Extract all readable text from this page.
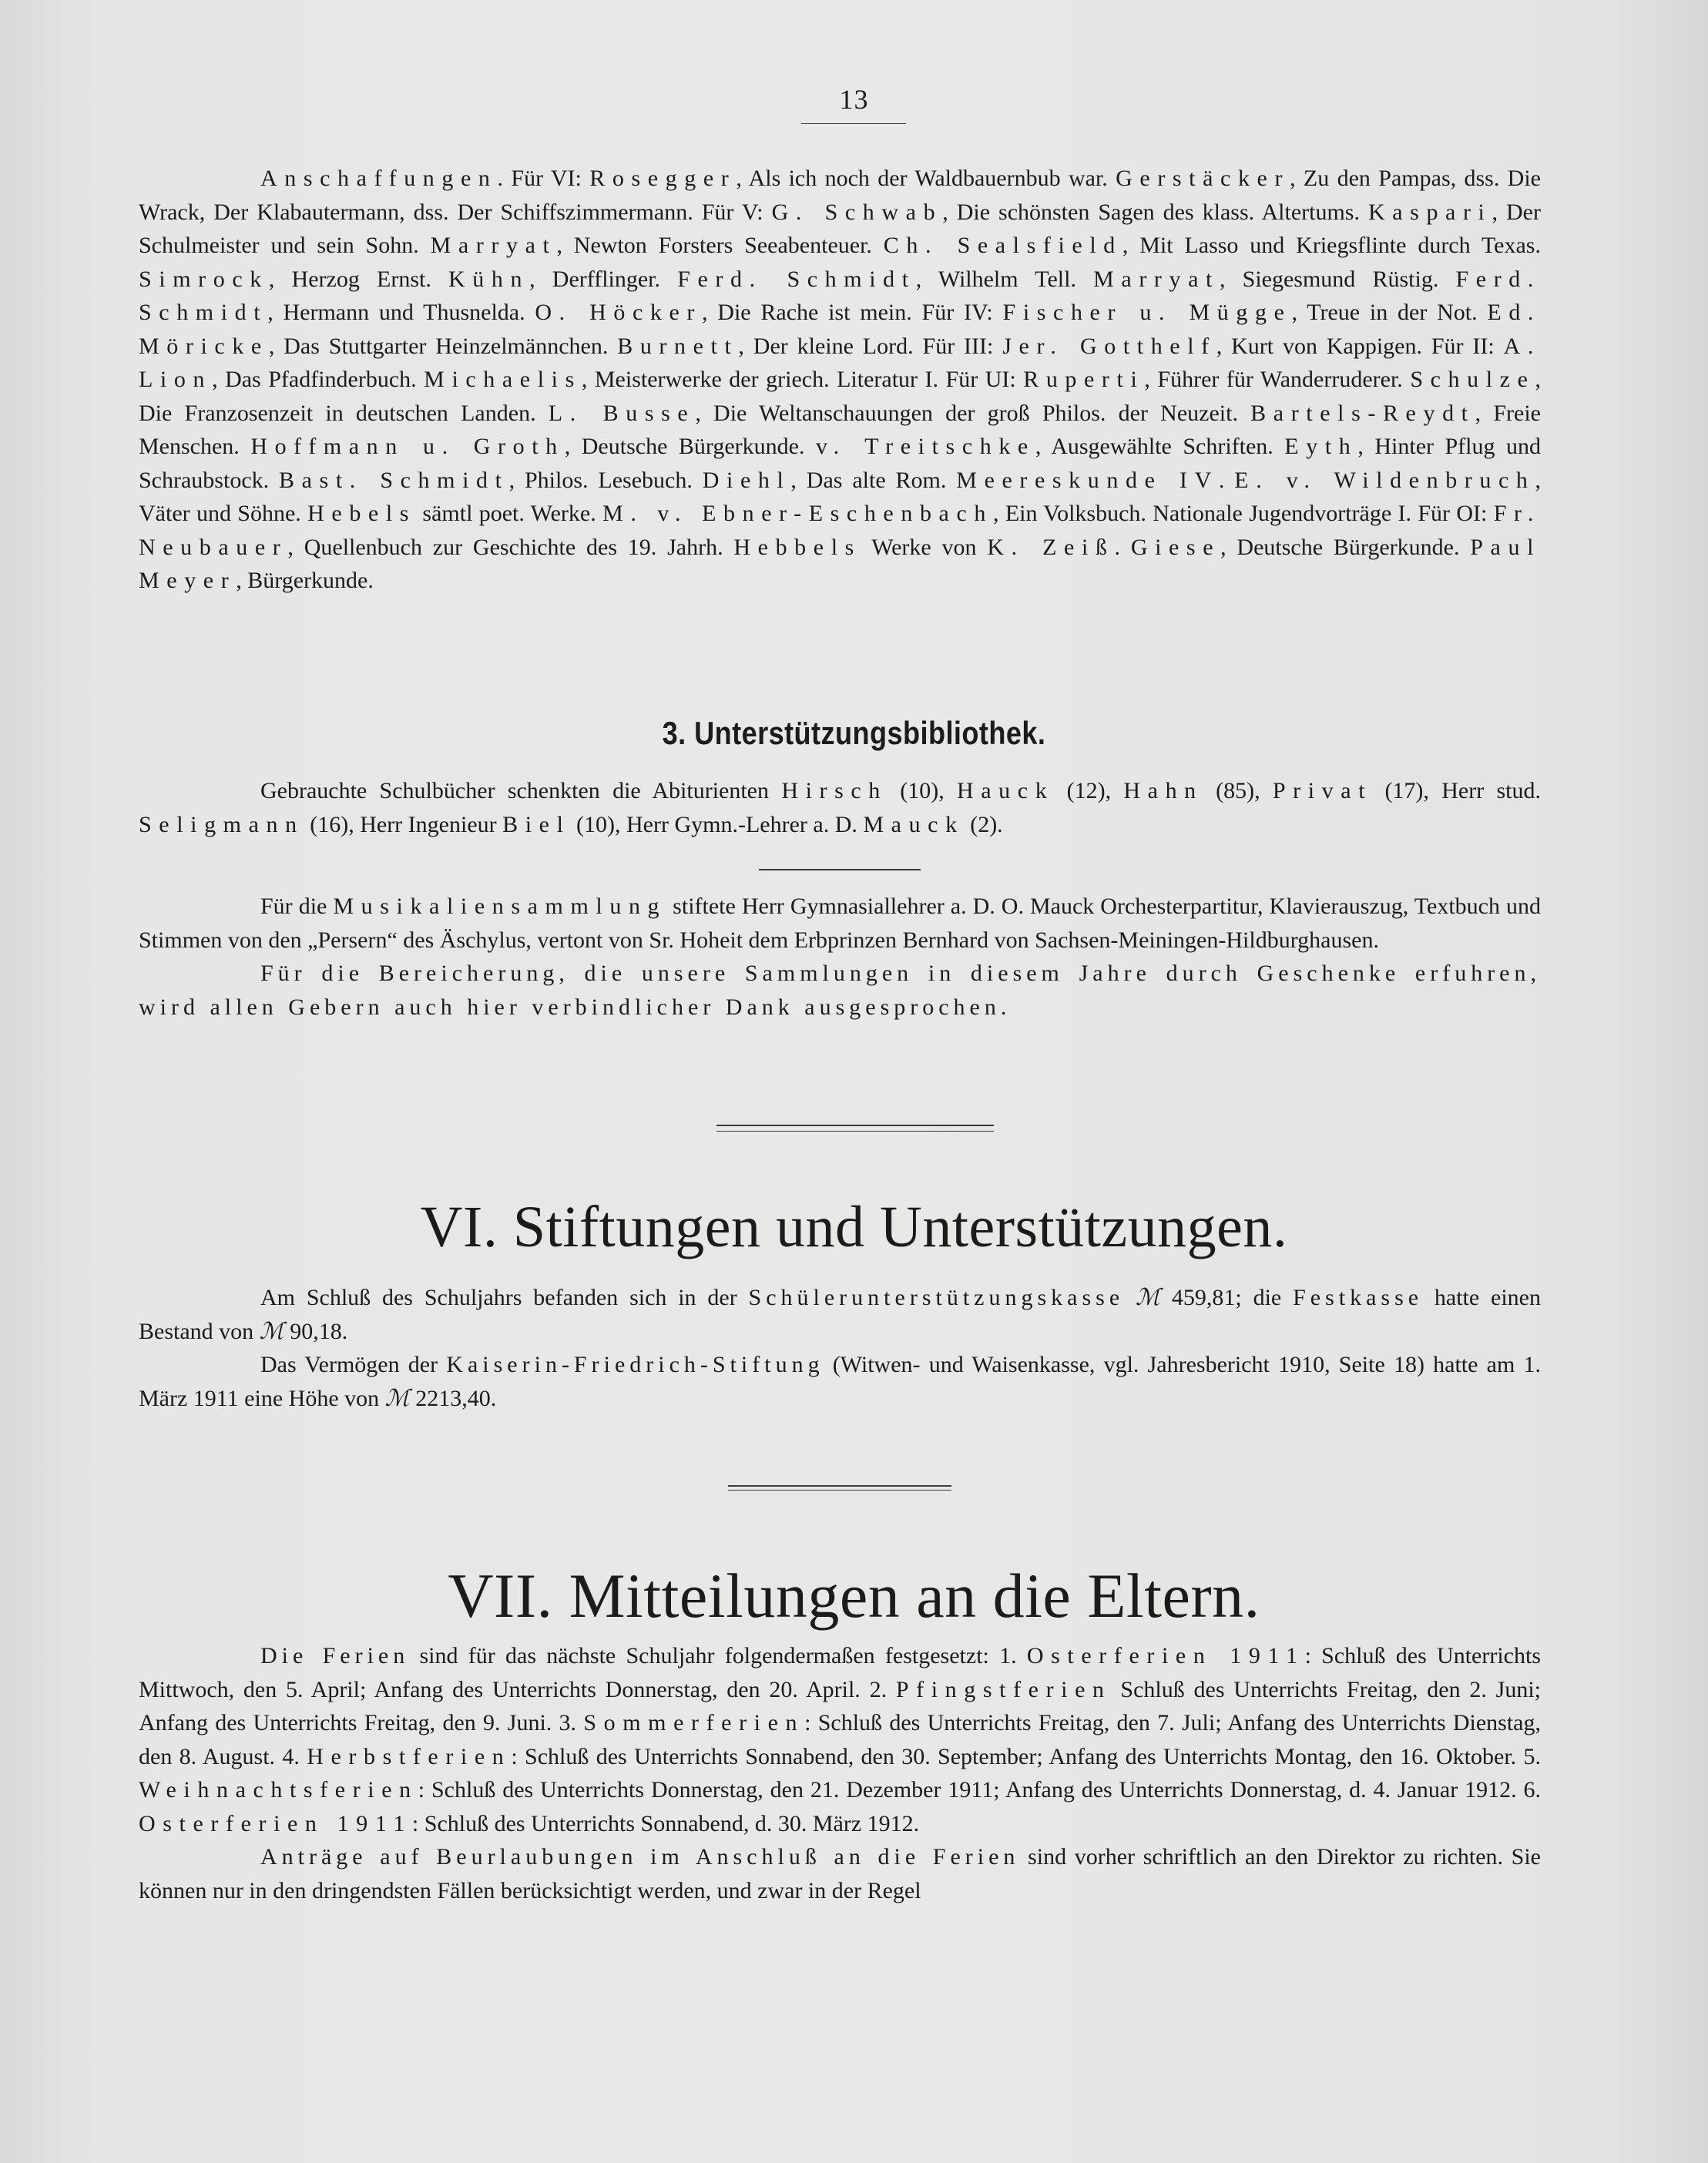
13

Anschaffungen. Für VI: Rosegger, Als ich noch der Waldbauernbub war. Gerstäcker, Zu den Pampas, dss. Die Wrack, Der Klabautermann, dss. Der Schiffszimmermann. Für V: G. Schwab, Die schönsten Sagen des klass. Altertums. Kaspari, Der Schulmeister und sein Sohn. Marryat, Newton Forsters Seeabenteuer. Ch. Sealsfield, Mit Lasso und Kriegsflinte durch Texas. Simrock, Herzog Ernst. Kühn, Derfflinger. Ferd. Schmidt, Wilhelm Tell. Marryat, Siegesmund Rüstig. Ferd. Schmidt, Hermann und Thusnelda. O. Höcker, Die Rache ist mein. Für IV: Fischer u. Mügge, Treue in der Not. Ed. Möricke, Das Stuttgarter Heinzelmännchen. Burnett, Der kleine Lord. Für III: Jer. Gotthelf, Kurt von Kappigen. Für II: A. Lion, Das Pfadfinderbuch. Michaelis, Meisterwerke der griech. Literatur I. Für UI: Ruperti, Führer für Wanderruderer. Schulze, Die Franzosenzeit in deutschen Landen. L. Busse, Die Weltanschauungen der groß Philos. der Neuzeit. Bartels-Reydt, Freie Menschen. Hoffmann u. Groth, Deutsche Bürgerkunde. v. Treitschke, Ausgewählte Schriften. Eyth, Hinter Pflug und Schraubstock. Bast. Schmidt, Philos. Lesebuch. Diehl, Das alte Rom. Meereskunde IV. E. v. Wildenbruch, Väter und Söhne. Hebels sämtl poet. Werke. M. v. Ebner-Eschenbach, Ein Volksbuch. Nationale Jugendvorträge I. Für OI: Fr. Neubauer, Quellenbuch zur Geschichte des 19. Jahrh. Hebbels Werke von K. Zeiß. Giese, Deutsche Bürgerkunde. Paul Meyer, Bürgerkunde.

3. Unterstützungsbibliothek.

Gebrauchte Schulbücher schenkten die Abiturienten Hirsch (10), Hauck (12), Hahn (85), Privat (17), Herr stud. Seligmann (16), Herr Ingenieur Biel (10), Herr Gymn.-Lehrer a. D. Mauck (2).

Für die Musikaliensammlung stiftete Herr Gymnasiallehrer a. D. O. Mauck Orchesterpartitur, Klavierauszug, Textbuch und Stimmen von den „Persern“ des Äschylus, vertont von Sr. Hoheit dem Erbprinzen Bernhard von Sachsen-Meiningen-Hildburghausen.

Für die Bereicherung, die unsere Sammlungen in diesem Jahre durch Geschenke erfuhren, wird allen Gebern auch hier verbindlicher Dank ausgesprochen.

VI. Stiftungen und Unterstützungen.

Am Schluß des Schuljahrs befanden sich in der Schülerunterstützungskasse ℳ 459,81; die Festkasse hatte einen Bestand von ℳ 90,18.

Das Vermögen der Kaiserin-Friedrich-Stiftung (Witwen- und Waisenkasse, vgl. Jahresbericht 1910, Seite 18) hatte am 1. März 1911 eine Höhe von ℳ 2213,40.

VII. Mitteilungen an die Eltern.

Die Ferien sind für das nächste Schuljahr folgendermaßen festgesetzt: 1. Osterferien 1911: Schluß des Unterrichts Mittwoch, den 5. April; Anfang des Unterrichts Donnerstag, den 20. April. 2. Pfingstferien Schluß des Unterrichts Freitag, den 2. Juni; Anfang des Unterrichts Freitag, den 9. Juni. 3. Sommerferien: Schluß des Unterrichts Freitag, den 7. Juli; Anfang des Unterrichts Dienstag, den 8. August. 4. Herbstferien: Schluß des Unterrichts Sonnabend, den 30. September; Anfang des Unterrichts Montag, den 16. Oktober. 5. Weihnachtsferien: Schluß des Unterrichts Donnerstag, den 21. Dezember 1911; Anfang des Unterrichts Donnerstag, d. 4. Januar 1912. 6. Osterferien 1911: Schluß des Unterrichts Sonnabend, d. 30. März 1912.

Anträge auf Beurlaubungen im Anschluß an die Ferien sind vorher schriftlich an den Direktor zu richten. Sie können nur in den dringendsten Fällen berücksichtigt werden, und zwar in der Regel
